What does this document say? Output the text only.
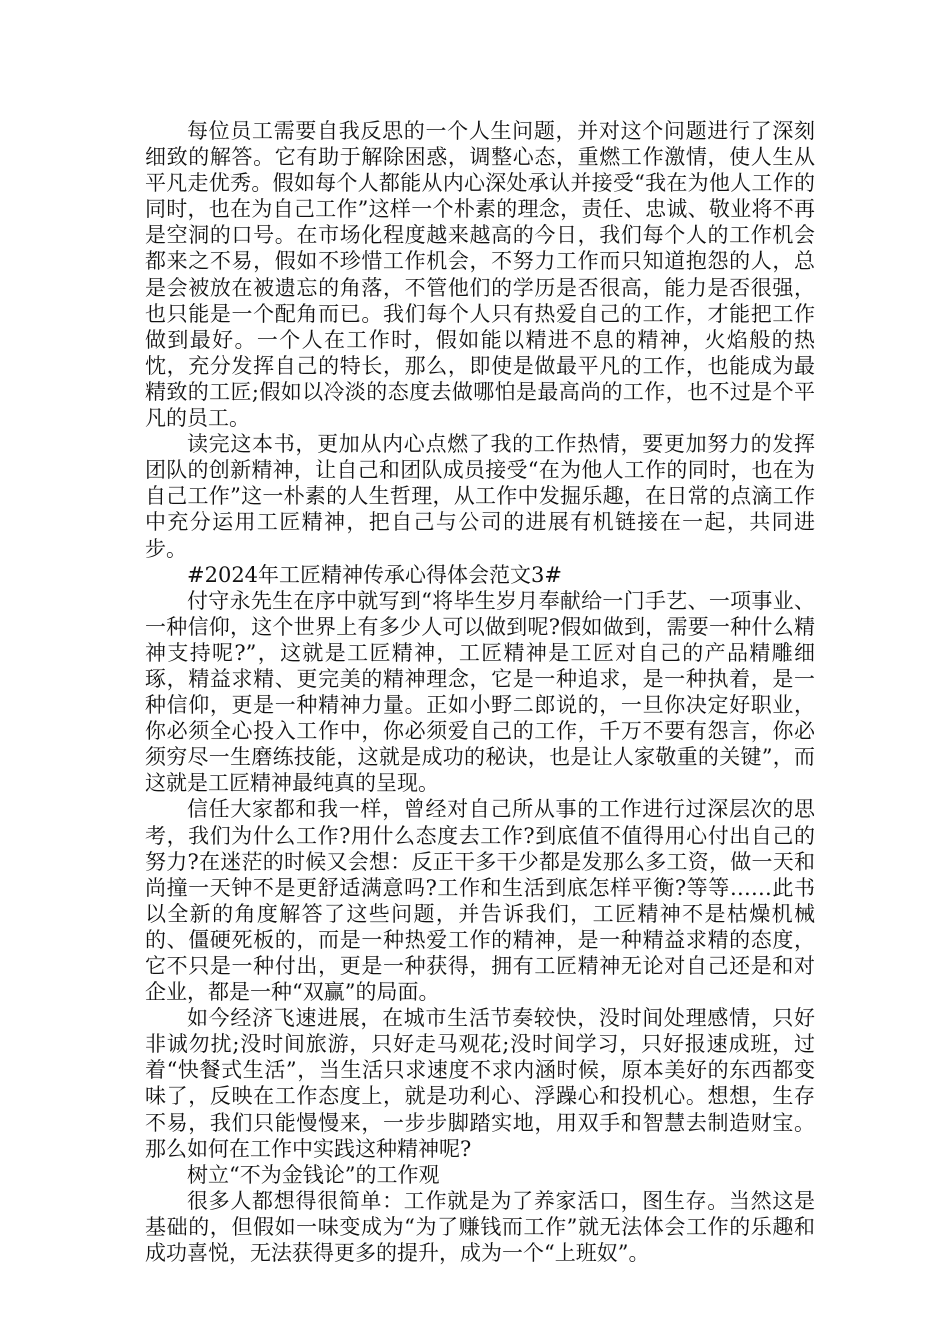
每位员工需要自我反思的一个人生问题，并对这个问题进行了深刻细致的解答。它有助于解除困惑，调整心态，重燃工作激情，使人生从平凡走优秀。假如每个人都能从内心深处承认并接受“我在为他人工作的同时，也在为自己工作”这样一个朴素的理念，责任、忠诚、敬业将不再是空洞的口号。在市场化程度越来越高的今日，我们每个人的工作机会都来之不易，假如不珍惜工作机会，不努力工作而只知道抱怨的人，总是会被放在被遗忘的角落，不管他们的学历是否很高，能力是否很强，也只能是一个配角而已。我们每个人只有热爱自己的工作，才能把工作做到最好。一个人在工作时，假如能以精进不息的精神，火焰般的热忱，充分发挥自己的特长，那么，即使是做最平凡的工作，也能成为最精致的工匠;假如以冷淡的态度去做哪怕是最高尚的工作，也不过是个平凡的员工。

读完这本书，更加从内心点燃了我的工作热情，要更加努力的发挥团队的创新精神，让自己和团队成员接受“在为他人工作的同时，也在为自己工作”这一朴素的人生哲理，从工作中发掘乐趣，在日常的点滴工作中充分运用工匠精神，把自己与公司的进展有机链接在一起，共同进步。

#2024年工匠精神传承心得体会范文3#

付守永先生在序中就写到“将毕生岁月奉献给一门手艺、一项事业、一种信仰，这个世界上有多少人可以做到呢?假如做到，需要一种什么精神支持呢?”，这就是工匠精神，工匠精神是工匠对自己的产品精雕细琢，精益求精、更完美的精神理念，它是一种追求，是一种执着，是一种信仰，更是一种精神力量。正如小野二郎说的，一旦你决定好职业，你必须全心投入工作中，你必须爱自己的工作，千万不要有怨言，你必须穷尽一生磨练技能，这就是成功的秘诀，也是让人家敬重的关键”，而这就是工匠精神最纯真的呈现。

信任大家都和我一样，曾经对自己所从事的工作进行过深层次的思考，我们为什么工作?用什么态度去工作?到底值不值得用心付出自己的努力?在迷茫的时候又会想：反正干多干少都是发那么多工资，做一天和尚撞一天钟不是更舒适满意吗?工作和生活到底怎样平衡?等等……此书以全新的角度解答了这些问题，并告诉我们，工匠精神不是枯燥机械的、僵硬死板的，而是一种热爱工作的精神，是一种精益求精的态度，它不只是一种付出，更是一种获得，拥有工匠精神无论对自己还是和对企业，都是一种“双赢”的局面。

如今经济飞速进展，在城市生活节奏较快，没时间处理感情，只好非诚勿扰;没时间旅游，只好走马观花;没时间学习，只好报速成班，过着“快餐式生活”，当生活只求速度不求内涵时候，原本美好的东西都变味了，反映在工作态度上，就是功利心、浮躁心和投机心。想想，生存不易，我们只能慢慢来，一步步脚踏实地，用双手和智慧去制造财宝。那么如何在工作中实践这种精神呢?

树立“不为金钱论”的工作观

很多人都想得很简单：工作就是为了养家活口，图生存。当然这是基础的，但假如一味变成为“为了赚钱而工作”就无法体会工作的乐趣和成功喜悦，无法获得更多的提升，成为一个“上班奴”。
